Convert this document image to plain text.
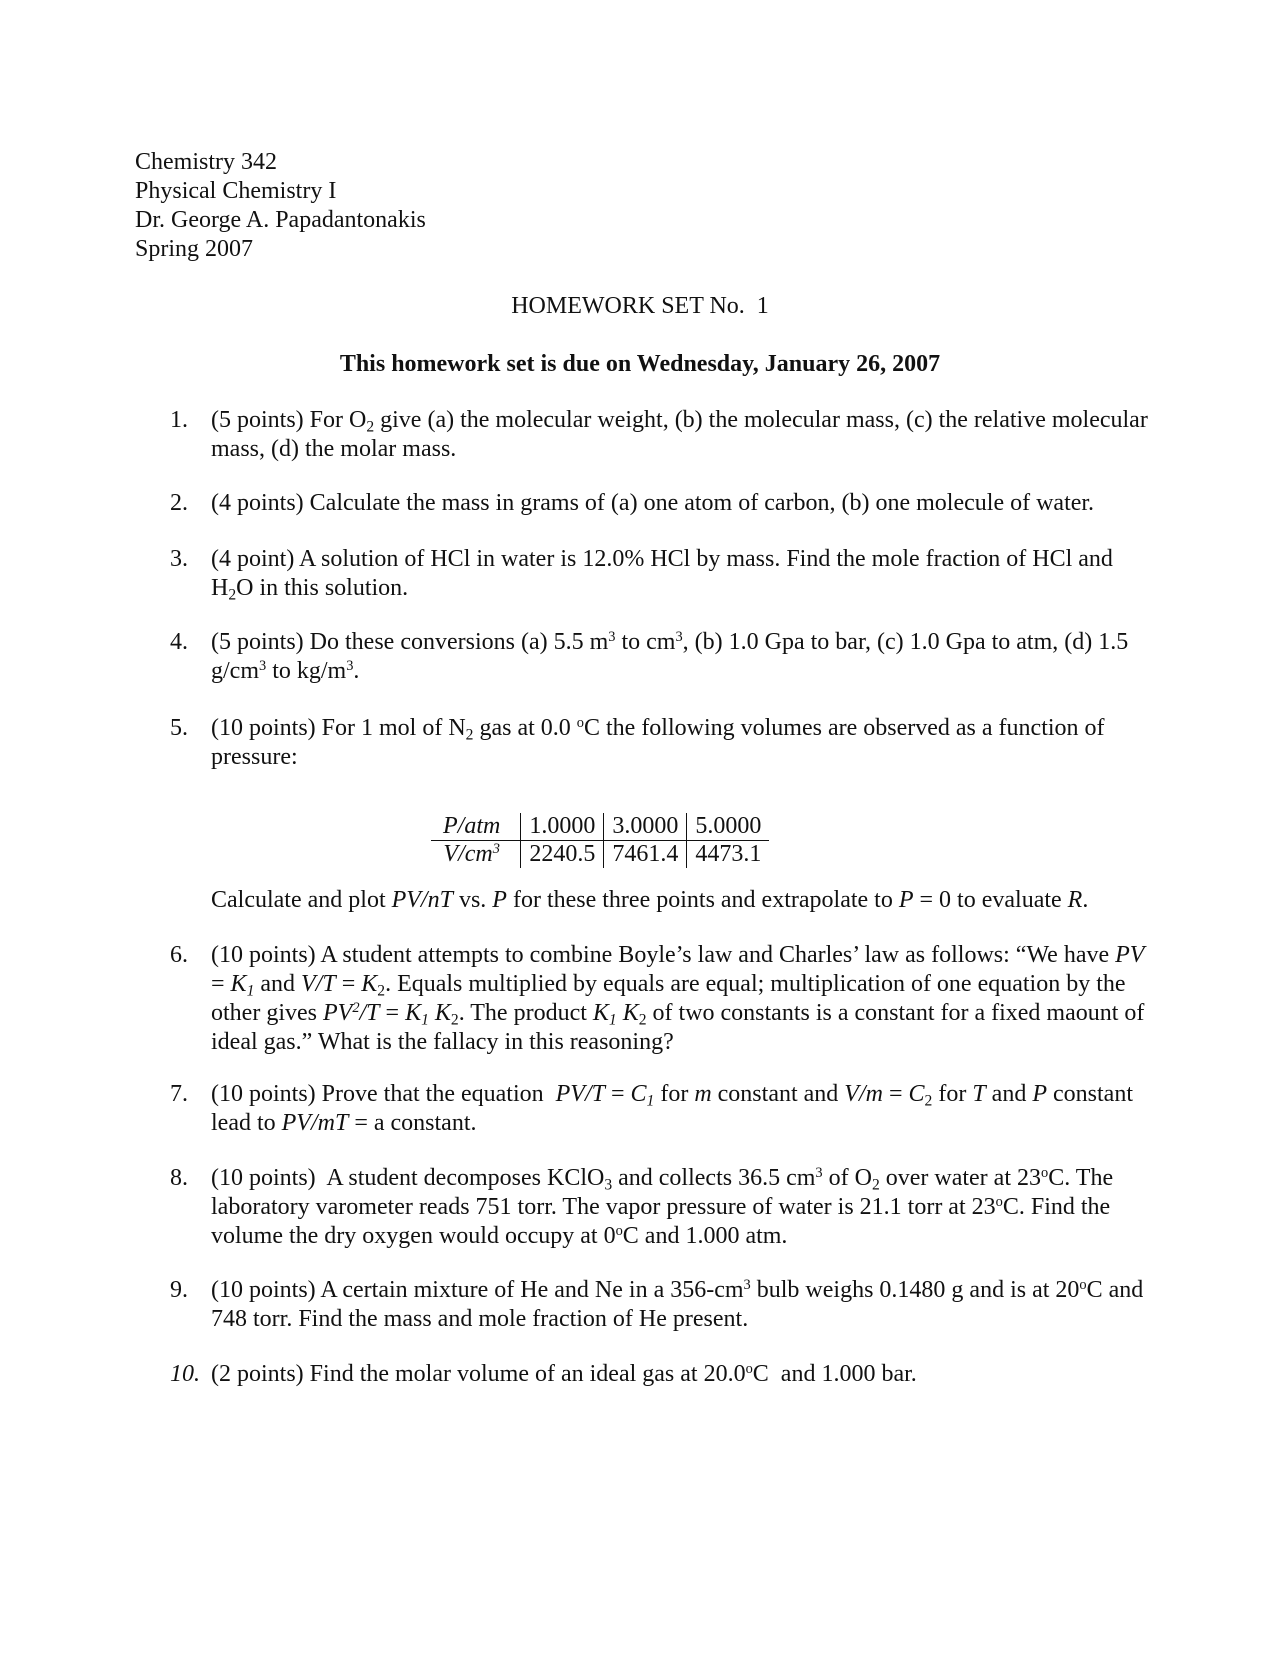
Chemistry 342
Physical Chemistry I
Dr. George A. Papadantonakis
Spring 2007
HOMEWORK SET No.  1
This homework set is due on Wednesday, January 26, 2007
1. (5 points) For $O_2$ give (a) the molecular weight, (b) the molecular mass, (c) the relative molecular mass, (d) the molar mass.
2. (4 points) Calculate the mass in grams of (a) one atom of carbon, (b) one molecule of water.
3. (4 point) A solution of HCl in water is 12.0% HCl by mass. Find the mole fraction of HCl and $H_2O$ in this solution.
4. (5 points) Do these conversions (a) 5.5 $m^3$ to $cm^3$, (b) 1.0 Gpa to bar, (c) 1.0 Gpa to atm, (d) 1.5 $g/cm^3$ to $kg/m^3$.
5. (10 points) For 1 mol of $N_2$ gas at 0.0 $^o$C the following volumes are observed as a function of pressure:
P/atm	1.0000	3.0000	5.0000
$V/cm^3$	2240.5	7461.4	4473.1
Calculate and plot PV/nT vs. P for these three points and extrapolate to P = 0 to evaluate R.
6. (10 points) A student attempts to combine Boyle’s law and Charles’ law as follows: “We have PV = $K_1$ and $V/T = K_2$. Equals multiplied by equals are equal; multiplication of one equation by the other gives $PV^2/T = K_1$ $K_2$. The product $K_1$ $K_2$ of two constants is a constant for a fixed maount of ideal gas.” What is the fallacy in this reasoning?
7. (10 points) Prove that the equation  $PV/T = C_1$ for m constant and $V/m = C_2$ for T and P constant lead to PV/mT = a constant.
8. (10 points)  A student decomposes KClO$_3$ and collects 36.5 $cm^3$ of $O_2$ over water at 23$^o$C. The laboratory varometer reads 751 torr. The vapor pressure of water is 21.1 torr at 23$^o$C. Find the volume the dry oxygen would occupy at 0$^o$C and 1.000 atm.
9. (10 points) A certain mixture of He and Ne in a $356-cm^3$ bulb weighs 0.1480 g and is at 20$^o$C and 748 torr. Find the mass and mole fraction of He present.
10. (2 points) Find the molar volume of an ideal gas at 20.0$^o$C  and 1.000 bar.
